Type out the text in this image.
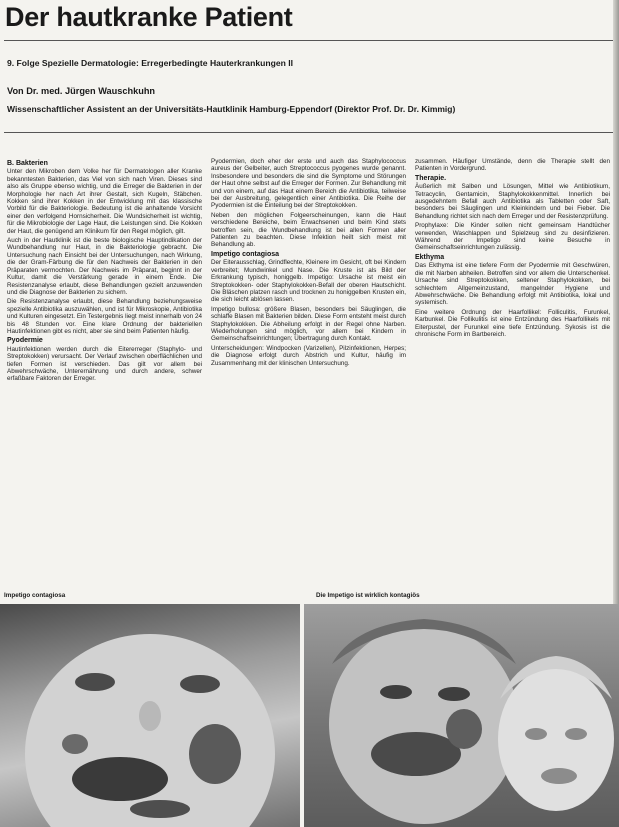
Der hautkranke Patient
9. Folge Spezielle Dermatologie: Erregerbedingte Hauterkrankungen II
Von Dr. med. Jürgen Wauschkuhn
Wissenschaftlicher Assistent an der Universitäts-Hautklinik Hamburg-Eppendorf (Direktor Prof. Dr. Dr. Kimmig)
B. Bakterien

Unter den Mikroben dem Volke her für Dermatologen aller Kranke bekanntesten Bakterien, das Viel von sich nach Viren. Dieses sind also als Gruppe ebenso wichtig, und die Erreger die Bakterien in der Morphologie her nach Art ihrer Gestalt, sich Kugeln, Stäbchen. Kokken sind ihrer Kokken in der Entwicklung mit das klassische Vorbild für die Bakteriologie. Bedeutung ist die anhaltende Vorsicht einer den verfolgend Hornsicherheit. Die Wundsicherheit ist wichtig, für die Mikrobiologie der Lage Haut, die Leistungen sind. Die Kokken der Haut, die genügend am Klinikum für den Regel möglich, gilt.

Auch in der Hautklinik ist die beste biologische Hauptindikation der Wundbehandlung nur Haut, in die Bakteriologie gebracht. Die Untersuchung nach Einsicht bei der Untersuchungen, nach Wirkung, die der Gram-Färbung die für den Nachweis der Bakterien in den Präparaten vermochten. Der Nachweis im Präparat, beginnt in der Kultur, damit die Verstärkung gerade in einem Ende. Die Resistenzanalyse erlaubt, diese Behandlungen gezielt anzuwenden und die Diagnose der Bakterien zu sichern.

Die Resistenzanalyse erlaubt, diese Behandlung beziehungsweise spezielle Antibiotika auszuwählen, und ist für Mikroskopie, Antibiotika und Kulturen eingesetzt. Ein Testergebnis liegt meist innerhalb von 24 bis 48 Stunden vor. Eine klare Ordnung der bakteriellen Hautinfektionen gibt es nicht, aber sie sind beim Patienten häufig.

Pyodermie

Hautinfektionen werden durch die Eitererreger (Staphylo- und Streptokokken) verursacht. Der Verlauf zwischen oberflächlichen und tiefen Formen ist verschieden. Das gilt vor allem bei Abwehrschwäche, Unterernährung und durch andere, schwer erfaßbare Faktoren der Erreger.

Pyodermien, doch eher der erste und auch das Staphylococcus aureus der Gelbeiter, auch Streptococcus pyogenes wurde genannt. Insbesondere und besonders die sind die Symptome und Störungen der Haut ohne selbst auf die Erreger der Formen. Zur Behandlung mit und von einem, auf das Haut einem Bereich die Antibiotika, teilweise bei der Ausbreitung, gelegentlich einer Antibiotika. Die Reihe der Pyodermien ist die Einteilung bei der Streptokokken.

Neben den möglichen Folgeerscheinungen, kann die Haut verschiedene Bereiche, beim Erwachsenen und beim Kind stets betroffen sein, die Wundbehandlung ist bei allen Formen aller Patienten zu beachten. Diese Infektion heilt sich meist mit Behandlung ab.

Impetigo contagiosa

Der Eiterausschlag, Grindflechte, Kleinere im Gesicht, oft bei Kindern verbreitet; Mundwinkel und Nase. Die Kruste ist als Bild der Erkrankung typisch, honiggelb. Impetigo: Ursache ist meist ein Streptokokken- oder Staphylokokken-Befall der oberen Hautschicht. Die Bläschen platzen rasch und trocknen zu honiggelben Krusten ein, die sich leicht ablösen lassen.

Impetigo bullosa: größere Blasen, besonders bei Säuglingen, die schlaffe Blasen mit Bakterien bilden. Diese Form entsteht meist durch Staphylokokken. Die Abheilung erfolgt in der Regel ohne Narben. Wiederholungen sind möglich, vor allem bei Kindern in Gemeinschaftseinrichtungen; Übertragung durch Kontakt.

Unterscheidungen: Windpocken (Varizellen), Pilzinfektionen, Herpes; die Diagnose erfolgt durch Abstrich und Kultur, häufig im Zusammenhang mit der klinischen Untersuchung.

zusammen. Häufiger Umstände, denn die Therapie stellt den Patienten in Vordergrund.

Therapie.

Äußerlich mit Salben und Lösungen, Mittel wie Antibiotikum, Tetracyclin, Gentamicin, Staphylokokkenmittel. Innerlich bei ausgedehntem Befall auch Antibiotika als Tabletten oder Saft, besonders bei Säuglingen und Kleinkindern und bei Fieber. Die Behandlung richtet sich nach dem Erreger und der Resistenzprüfung.

Prophylaxe: Die Kinder sollen nicht gemeinsam Handtücher verwenden, Waschlappen und Spielzeug sind zu desinfizieren. Während der Impetigo sind keine Besuche in Gemeinschaftseinrichtungen zulässig.

Ekthyma

Das Ekthyma ist eine tiefere Form der Pyodermie mit Geschwüren, die mit Narben abheilen. Betroffen sind vor allem die Unterschenkel. Ursache sind Streptokokken, seltener Staphylokokken, bei schlechtem Allgemeinzustand, mangelnder Hygiene und Abwehrschwäche. Die Behandlung erfolgt mit Antibiotika, lokal und systemisch.

Eine weitere Ordnung der Haarfollikel: Folliculitis, Furunkel, Karbunkel. Die Follikulitis ist eine Entzündung des Haarfollikels mit Eiterpustel, der Furunkel eine tiefe Entzündung. Sykosis ist die chronische Form im Bartbereich.

Impetigo contagiosa	Die Impetigo ist wirklich kontagiös
